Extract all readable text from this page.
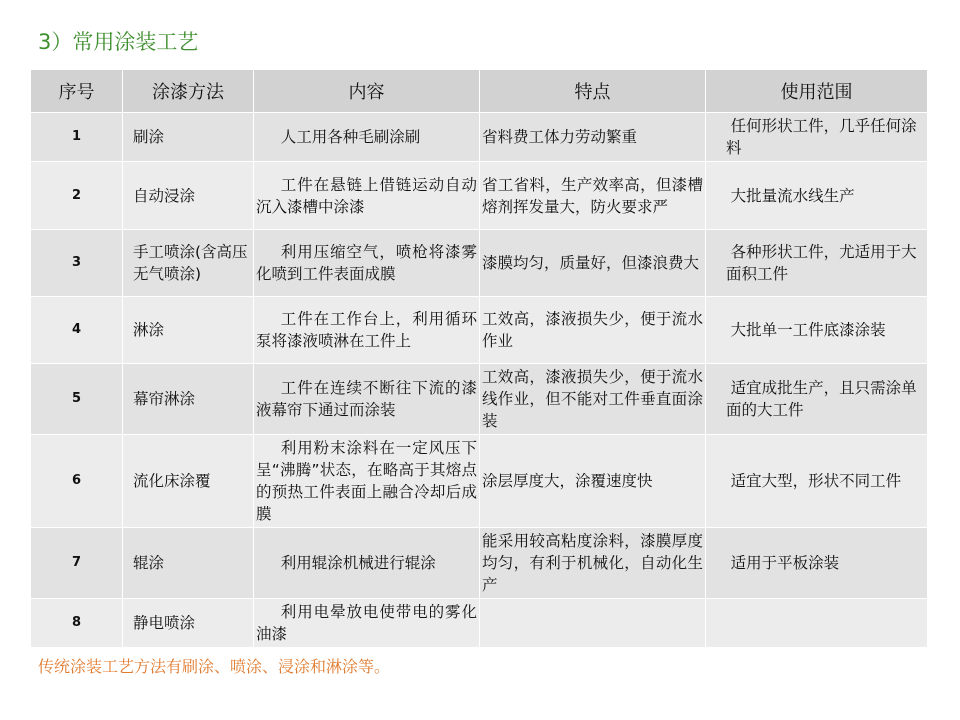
3）常用涂装工艺
序号	涂漆方法	内容	特点	使用范围
1	刷涂	人工用各种毛刷涂刷	省料费工体力劳动繁重	任何形状工件，几乎任何涂料
2	自动浸涂	工件在悬链上借链运动自动沉入漆槽中涂漆	省工省料，生产效率高，但漆槽熔剂挥发量大，防火要求严	大批量流水线生产
3	手工喷涂(含高压无气喷涂)	利用压缩空气，喷枪将漆雾化喷到工件表面成膜	漆膜均匀，质量好，但漆浪费大	各种形状工件，尤适用于大面积工件
4	淋涂	工件在工作台上，利用循环泵将漆液喷淋在工件上	工效高，漆液损失少，便于流水作业	大批单一工件底漆涂装
5	幕帘淋涂	工件在连续不断往下流的漆液幕帘下通过而涂装	工效高，漆液损失少，便于流水线作业，但不能对工件垂直面涂装	适宜成批生产，且只需涂单面的大工件
6	流化床涂覆	利用粉末涂料在一定风压下呈“沸腾”状态，在略高于其熔点的预热工件表面上融合冷却后成膜	涂层厚度大，涂覆速度快	适宜大型，形状不同工件
7	辊涂	利用辊涂机械进行辊涂	能采用较高粘度涂料，漆膜厚度均匀，有利于机械化，自动化生产	适用于平板涂装
8	静电喷涂	利用电晕放电使带电的雾化油漆		

传统涂装工艺方法有刷涂、喷涂、浸涂和淋涂等。
